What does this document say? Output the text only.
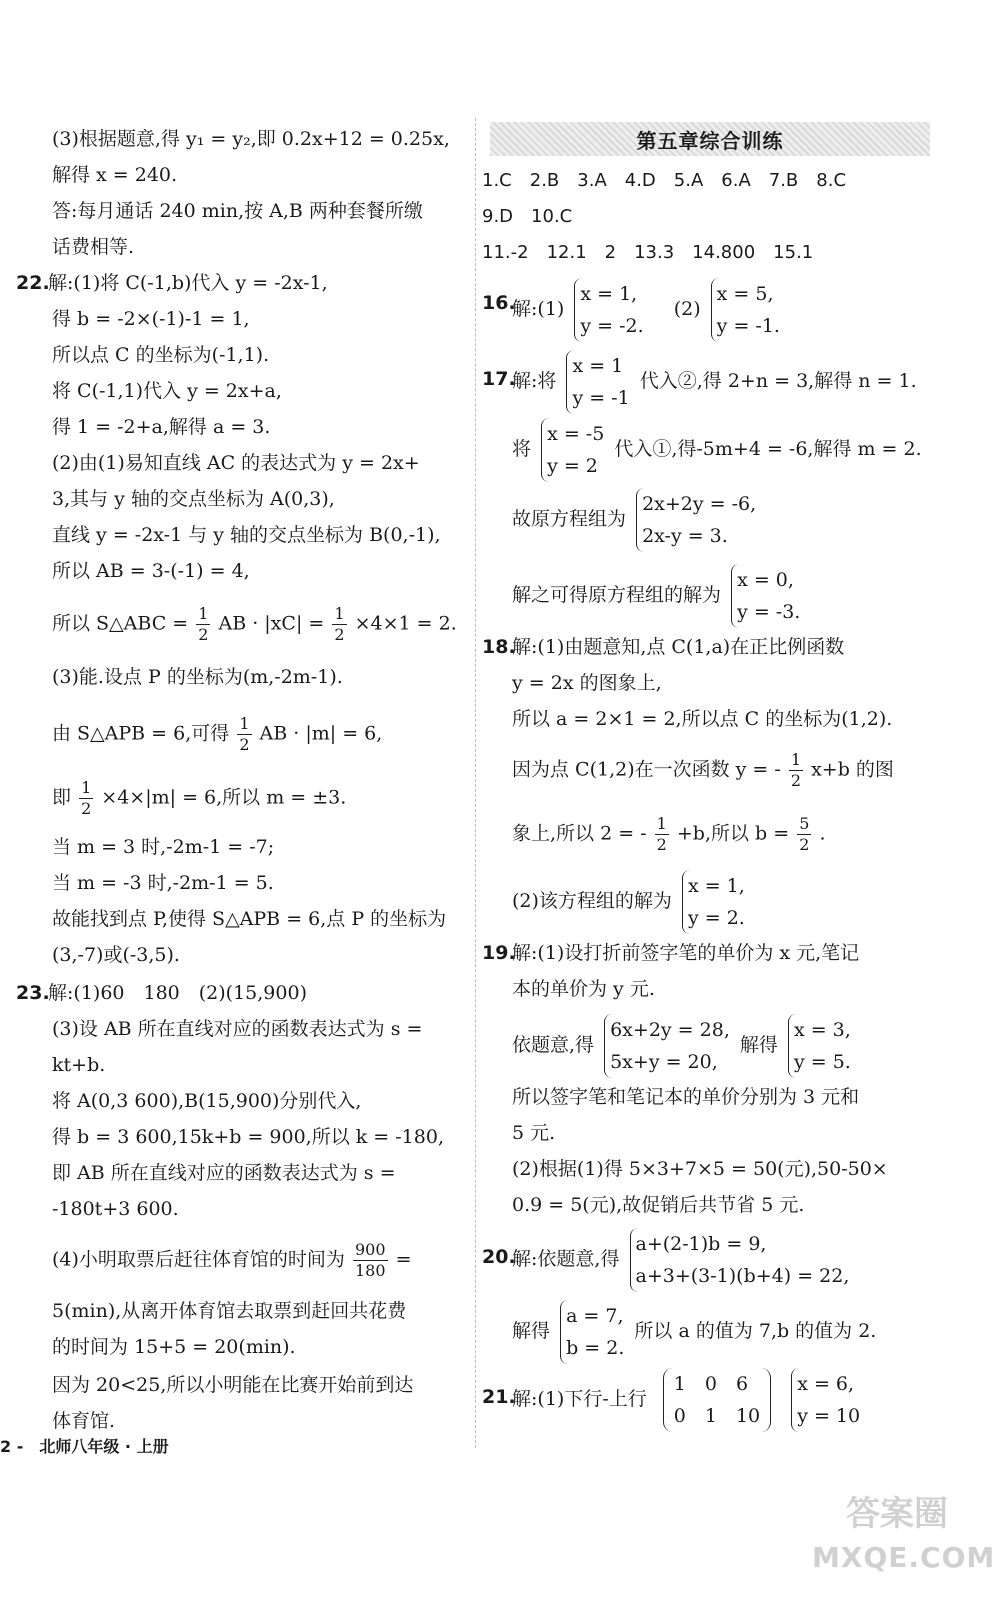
(3)根据题意,得 y₁ = y₂,即 0.2x+12 = 0.25x,
解得 x = 240.
答:每月通话 240 min,按 A,B 两种套餐所缴
话费相等.
22.
解:(1)将 C(-1,b)代入 y = -2x-1,
得 b = -2×(-1)-1 = 1,
所以点 C 的坐标为(-1,1).
将 C(-1,1)代入 y = 2x+a,
得 1 = -2+a,解得 a = 3.
(2)由(1)易知直线 AC 的表达式为 y = 2x+
3,其与 y 轴的交点坐标为 A(0,3),
直线 y = -2x-1 与 y 轴的交点坐标为 B(0,-1),
所以 AB = 3-(-1) = 4,
所以 S△ABC = $\frac{1}{2}$ AB · $|xC| = \frac{1}{2} \times 4\times 1 = 2$.
(3)能.设点 P 的坐标为(m,-2m-1).
由 S△APB = 6,可得 $\frac{1}{2}$ AB · |m| = 6,
即 $\frac{1}{2} \times 4\times|m| = 6$,所以 m = ±3.
当 m = 3 时,-2m-1 = -7;
当 m = -3 时,-2m-1 = 5.
故能找到点 P,使得 S△APB = 6,点 P 的坐标为
(3,-7)或(-3,5).
23.
解:(1)60　180　(2)(15,900)
(3)设 AB 所在直线对应的函数表达式为 s =
kt+b.
将 A(0,3 600),B(15,900)分别代入,
得 b = 3 600,15k+b = 900,所以 k = -180,
即 AB 所在直线对应的函数表达式为 s =
-180t+3 600.
(4)小明取票后赶往体育馆的时间为 $\frac{900}{180}$ =
5(min),从离开体育馆去取票到赶回共花费
的时间为 15+5 = 20(min).
因为 20<25,所以小明能在比赛开始前到达
体育馆.
第五章综合训练
1.C　2.B　3.A　4.D　5.A　6.A　7.B　8.C
9.D　10.C
11.-2　12.1　2　13.3　14.800　15.1
16.
解:(1)
x = 1,
y = -2.
(2)
x = 5,
y = -1.
17.
解:将
x = 1
y = -1
代入②,得 2+n = 3,解得 n = 1.
将
x = -5
y = 2
代入①,得-5m+4 = -6,解得 m = 2.
故原方程组为
2x+2y = -6,
2x-y = 3.
解之可得原方程组的解为
x = 0,
y = -3.
18.
解:(1)由题意知,点 C(1,a)在正比例函数
y = 2x 的图象上,
所以 a = 2×1 = 2,所以点 C 的坐标为(1,2).
因为点 C(1,2)在一次函数 y = - $\frac{1}{2} x+b$ 的图
象上,所以 2 = - $\frac{1}{2} +b$,所以 $b = \frac{5}{2}$ .
(2)该方程组的解为
x = 1,
y = 2.
19.
解:(1)设打折前签字笔的单价为 x 元,笔记
本的单价为 y 元.
依题意,得
6x+2y = 28,
5x+y = 20,
解得
x = 3,
y = 5.
所以签字笔和笔记本的单价分别为 3 元和
5 元.
(2)根据(1)得 5×3+7×5 = 50(元),50-50×
0.9 = 5(元),故促销后共节省 5 元.
20.
解:依题意,得
a+(2-1)b = 9,
a+3+(3-1)(b+4) = 22,
解得
a = 7,
b = 2.
所以 a 的值为 7,b 的值为 2.
21.
解:(1)下行-上行
1　0　6
0　1　10

x = 6,
y = 10
2 -　北师八年级 · 上册
答案圈
MXQE.COM
